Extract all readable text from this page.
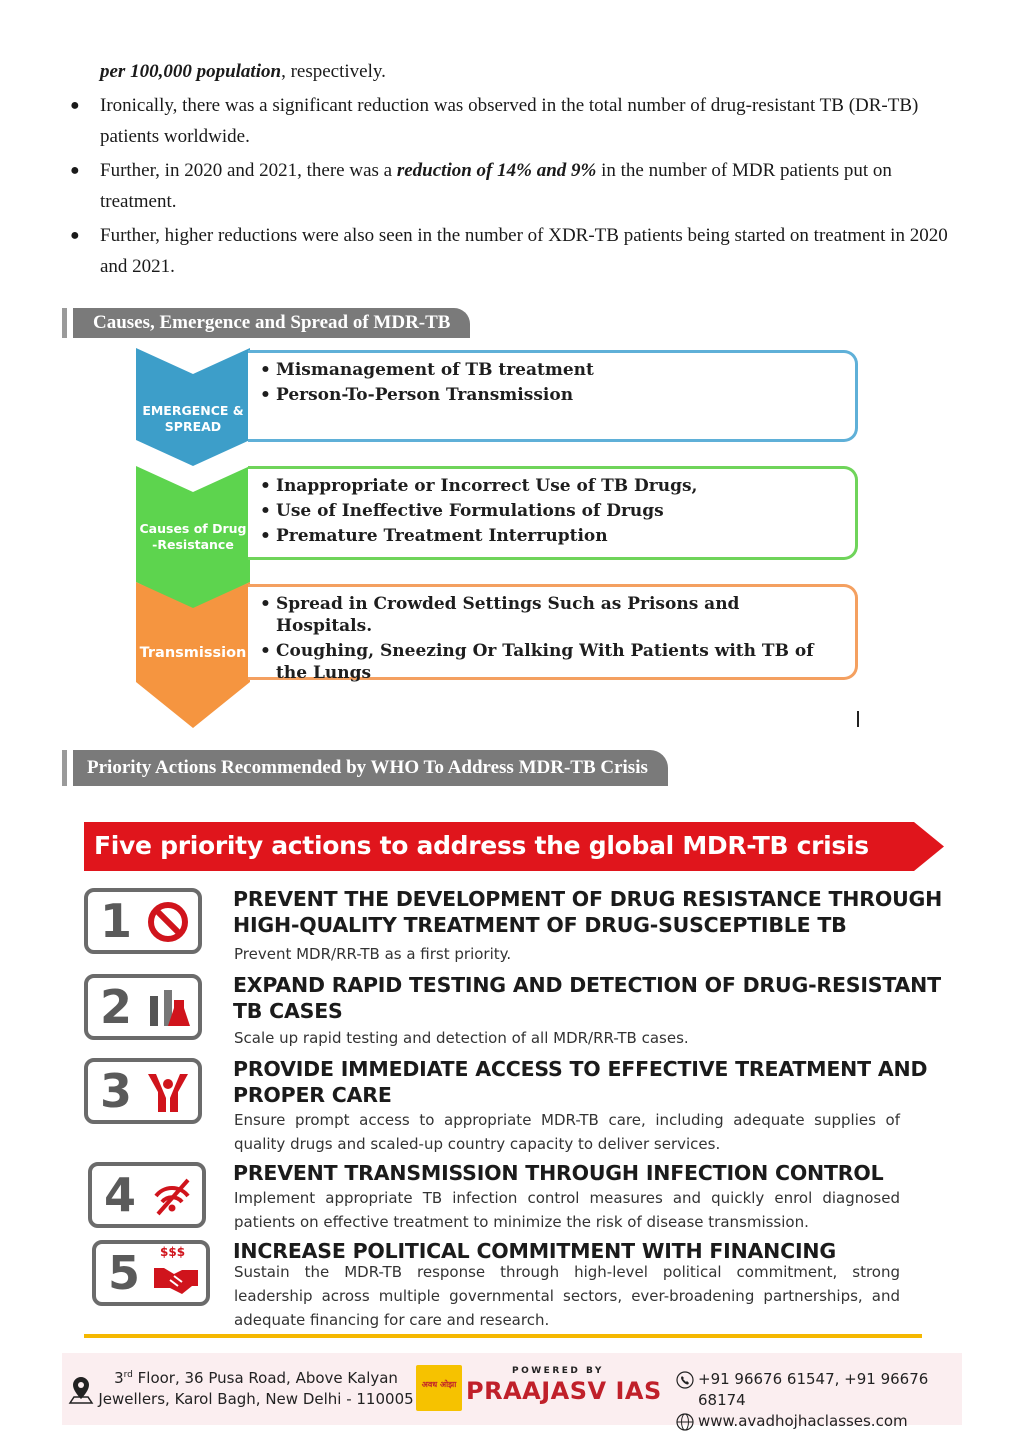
per 100,000 population, respectively.
● Ironically, there was a significant reduction was observed in the total number of drug-resistant TB (DR-TB) patients worldwide.
● Further, in 2020 and 2021, there was a reduction of 14% and 9% in the number of MDR patients put on treatment.
● Further, higher reductions were also seen in the number of XDR-TB patients being started on treatment in 2020 and 2021.
Causes, Emergence and Spread of MDR-TB
EMERGENCE &
SPREAD
• Mismanagement of TB treatment
• Person-To-Person Transmission
Causes of Drug
-Resistance
• Inappropriate or Incorrect Use of TB Drugs,
• Use of Ineffective Formulations of Drugs
• Premature Treatment Interruption
Transmission
• Spread in Crowded Settings Such as Prisons and Hospitals.
• Coughing, Sneezing Or Talking With Patients with TB of the Lungs
Priority Actions Recommended by WHO To Address MDR-TB Crisis
Five priority actions to address the global MDR-TB crisis
1	PREVENT THE DEVELOPMENT OF DRUG RESISTANCE THROUGH
HIGH-QUALITY TREATMENT OF DRUG-SUSCEPTIBLE TB
Prevent MDR/RR-TB as a first priority.
2	EXPAND RAPID TESTING AND DETECTION OF DRUG-RESISTANT
TB CASES
Scale up rapid testing and detection of all MDR/RR-TB cases.
3	PROVIDE IMMEDIATE ACCESS TO EFFECTIVE TREATMENT AND
PROPER CARE
Ensure prompt access to appropriate MDR-TB care, including adequate supplies of quality drugs and scaled-up country capacity to deliver services.
4	PREVENT TRANSMISSION THROUGH INFECTION CONTROL
Implement appropriate TB infection control measures and quickly enrol diagnosed patients on effective treatment to minimize the risk of disease transmission.
5 $$$ INCREASE POLITICAL COMMITMENT WITH FINANCING
Sustain the MDR-TB response through high-level political commitment, strong leadership across multiple governmental sectors, ever-broadening partnerships, and adequate financing for care and research.
3rd Floor, 36 Pusa Road, Above Kalyan
Jewellers, Karol Bagh, New Delhi - 110005
अवध ओझा
POWERED BY
PRAAJASV IAS	+91 96676 61547, +91 96676 68174
www.avadhojhaclasses.com
